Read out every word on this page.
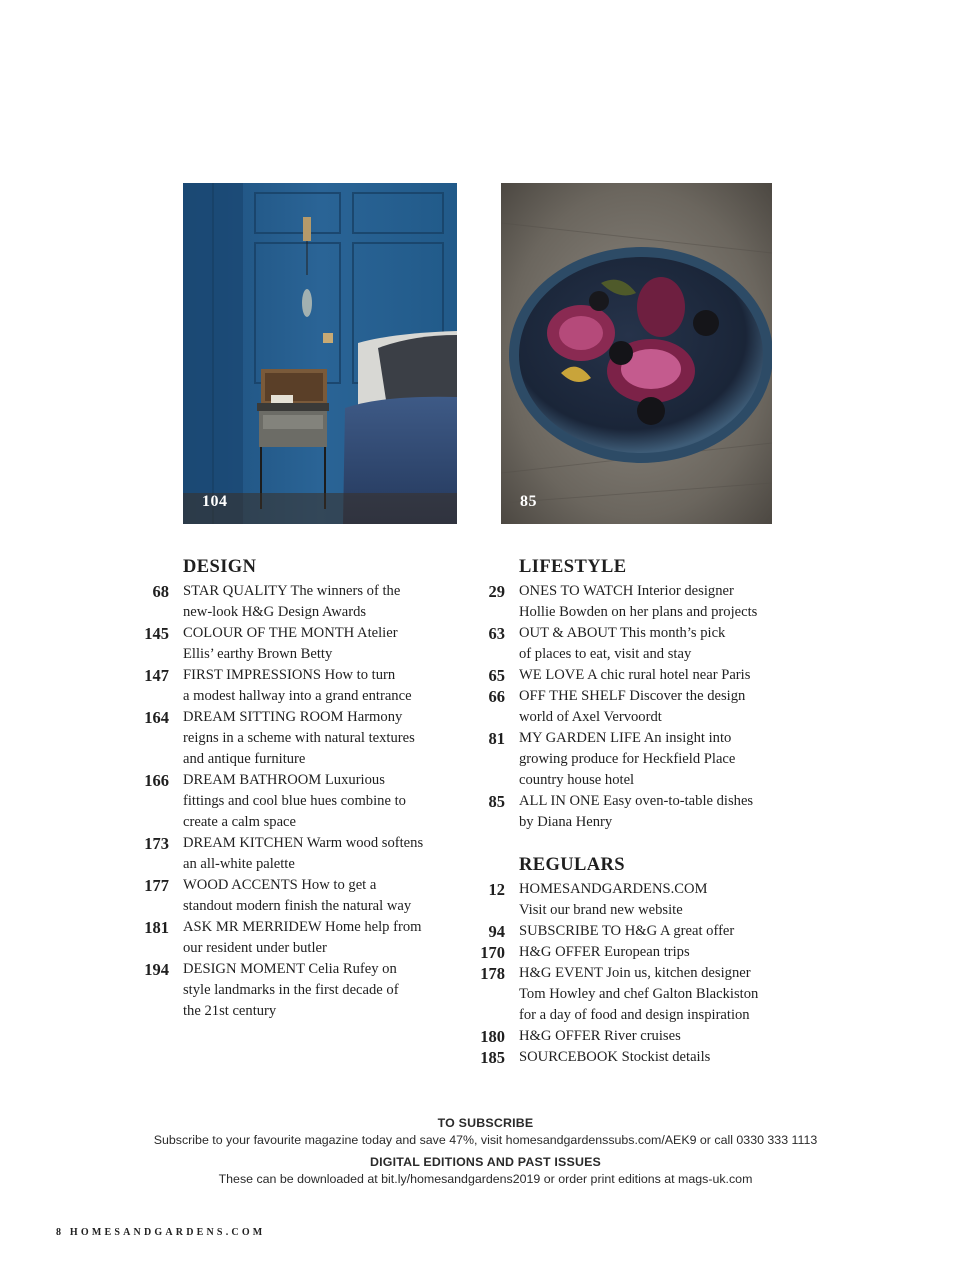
104	85
DESIGN
68 STAR QUALITY The winners of the
new-look H&G Design Awards
145 COLOUR OF THE MONTH Atelier
Ellis’ earthy Brown Betty
147 FIRST IMPRESSIONS How to turn
a modest hallway into a grand entrance
164 DREAM SITTING ROOM Harmony
reigns in a scheme with natural textures
and antique furniture
166 DREAM BATHROOM Luxurious
fittings and cool blue hues combine to
create a calm space
173 DREAM KITCHEN Warm wood softens
an all-white palette
177 WOOD ACCENTS How to get a
standout modern finish the natural way
181 ASK MR MERRIDEW Home help from
our resident under butler
194 DESIGN MOMENT Celia Rufey on
style landmarks in the first decade of
the 21st century
LIFESTYLE
29 ONES TO WATCH Interior designer
Hollie Bowden on her plans and projects
63 OUT & ABOUT This month’s pick
of places to eat, visit and stay
65 WE LOVE A chic rural hotel near Paris
66 OFF THE SHELF Discover the design
world of Axel Vervoordt
81 MY GARDEN LIFE An insight into
growing produce for Heckfield Place
country house hotel
85 ALL IN ONE Easy oven-to-table dishes
by Diana Henry
REGULARS
12 HOMESANDGARDENS.COM
Visit our brand new website
94 SUBSCRIBE TO H&G A great offer
170 H&G OFFER European trips
178 H&G EVENT Join us, kitchen designer
Tom Howley and chef Galton Blackiston
for a day of food and design inspiration
180 H&G OFFER River cruises
185 SOURCEBOOK Stockist details
TO SUBSCRIBE
Subscribe to your favourite magazine today and save 47%, visit homesandgardenssubs.com/AEK9 or call 0330 333 1113
DIGITAL EDITIONS AND PAST ISSUES
These can be downloaded at bit.ly/homesandgardens2019 or order print editions at mags-uk.com
8 HOMESANDGARDENS.COM
